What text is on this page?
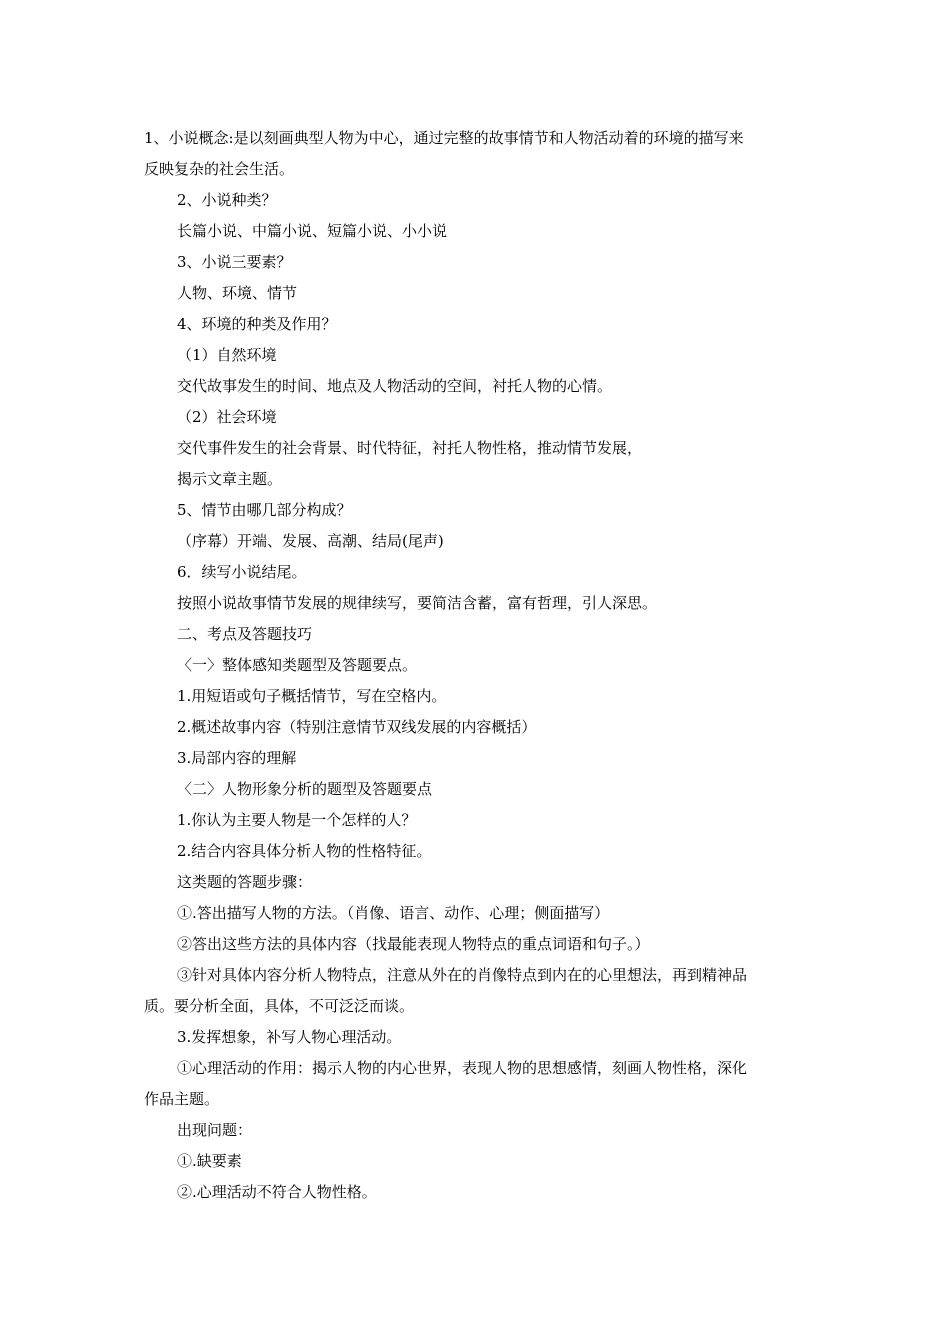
1、小说概念:是以刻画典型人物为中心，通过完整的故事情节和人物活动着的环境的描写来
反映复杂的社会生活。
2、小说种类？
长篇小说、中篇小说、短篇小说、小小说
3、小说三要素？
人物、环境、情节
4、环境的种类及作用？
（1）自然环境
交代故事发生的时间、地点及人物活动的空间，衬托人物的心情。
（2）社会环境
交代事件发生的社会背景、时代特征，衬托人物性格，推动情节发展，
揭示文章主题。
5、情节由哪几部分构成？
（序幕）开端、发展、高潮、结局(尾声)
6．续写小说结尾。
按照小说故事情节发展的规律续写，要简洁含蓄，富有哲理，引人深思。
二、考点及答题技巧
〈一〉整体感知类题型及答题要点。
1.用短语或句子概括情节，写在空格内。
2.概述故事内容（特别注意情节双线发展的内容概括）
3.局部内容的理解
〈二〉人物形象分析的题型及答题要点
1.你认为主要人物是一个怎样的人？
2.结合内容具体分析人物的性格特征。
这类题的答题步骤：
①.答出描写人物的方法。（肖像、语言、动作、心理；侧面描写）
②答出这些方法的具体内容（找最能表现人物特点的重点词语和句子。）
③针对具体内容分析人物特点，注意从外在的肖像特点到内在的心里想法，再到精神品
质。要分析全面，具体，不可泛泛而谈。
3.发挥想象，补写人物心理活动。
①心理活动的作用：揭示人物的内心世界，表现人物的思想感情，刻画人物性格，深化
作品主题。
出现问题：
①.缺要素
②.心理活动不符合人物性格。
